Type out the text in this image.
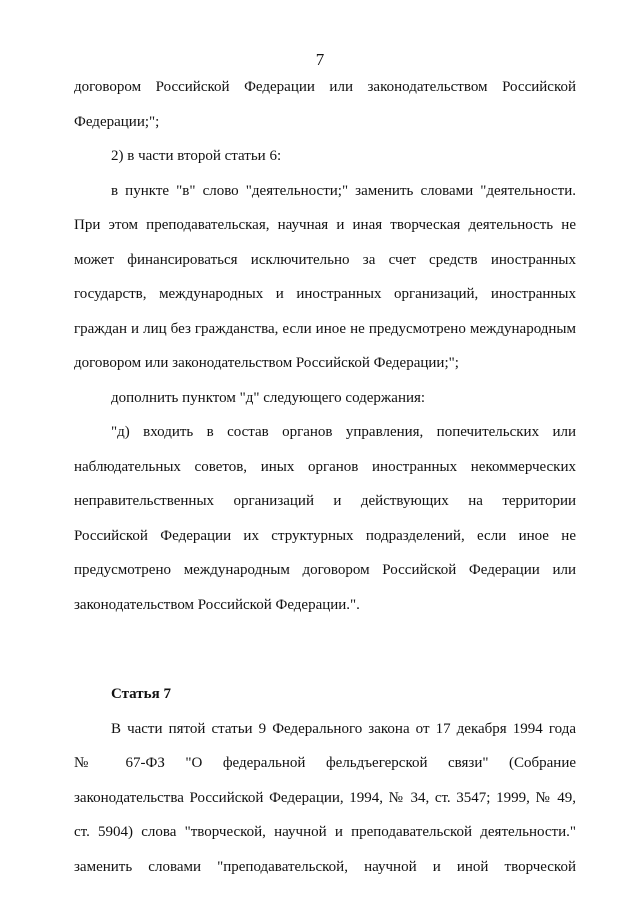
7
договором Российской Федерации или законодательством Российской
Федерации;";
2) в части второй статьи 6:
в пункте "в" слово "деятельности;" заменить словами "деятельности.
При этом преподавательская, научная и иная творческая деятельность не
может финансироваться исключительно за счет средств иностранных
государств, международных и иностранных организаций, иностранных
граждан и лиц без гражданства, если иное не предусмотрено международным
договором или законодательством Российской Федерации;";
дополнить пунктом "д" следующего содержания:
"д) входить в состав органов управления, попечительских или
наблюдательных советов, иных органов иностранных некоммерческих
неправительственных организаций и действующих на территории
Российской Федерации их структурных подразделений, если иное не
предусмотрено международным договором Российской Федерации или
законодательством Российской Федерации.".
Статья 7
В части пятой статьи 9 Федерального закона от 17 декабря 1994 года
№ 67-ФЗ "О федеральной фельдъегерской связи" (Собрание
законодательства Российской Федерации, 1994, № 34, ст. 3547; 1999, № 49,
ст. 5904) слова "творческой, научной и преподавательской деятельности."
заменить словами "преподавательской, научной и иной творческой
